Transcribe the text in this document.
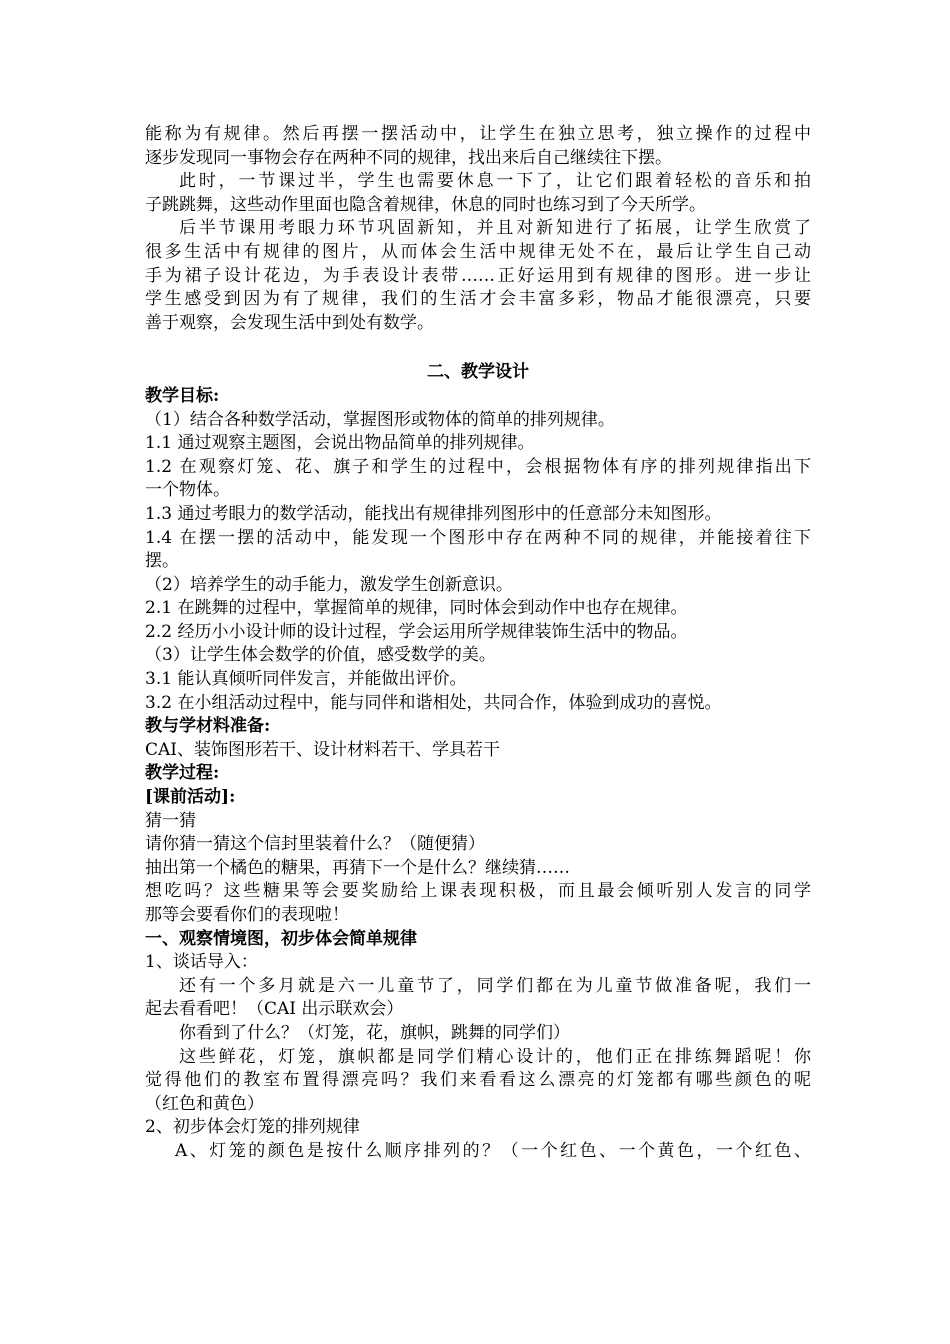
能称为有规律。然后再摆一摆活动中，让学生在独立思考，独立操作的过程中
逐步发现同一事物会存在两种不同的规律，找出来后自己继续往下摆。
此时，一节课过半，学生也需要休息一下了，让它们跟着轻松的音乐和拍
子跳跳舞，这些动作里面也隐含着规律，休息的同时也练习到了今天所学。
后半节课用考眼力环节巩固新知，并且对新知进行了拓展，让学生欣赏了
很多生活中有规律的图片，从而体会生活中规律无处不在，最后让学生自己动
手为裙子设计花边，为手表设计表带……正好运用到有规律的图形。进一步让
学生感受到因为有了规律，我们的生活才会丰富多彩，物品才能很漂亮，只要
善于观察，会发现生活中到处有数学。
二、教学设计
教学目标:
（1）结合各种数学活动，掌握图形或物体的简单的排列规律。
1.1 通过观察主题图，会说出物品简单的排列规律。
1.2 在观察灯笼、花、旗子和学生的过程中，会根据物体有序的排列规律指出下
一个物体。
1.3 通过考眼力的数学活动，能找出有规律排列图形中的任意部分未知图形。
1.4 在摆一摆的活动中，能发现一个图形中存在两种不同的规律，并能接着往下
摆。
（2）培养学生的动手能力，激发学生创新意识。
2.1 在跳舞的过程中，掌握简单的规律，同时体会到动作中也存在规律。
2.2 经历小小设计师的设计过程，学会运用所学规律装饰生活中的物品。
（3）让学生体会数学的价值，感受数学的美。
3.1 能认真倾听同伴发言，并能做出评价。
3.2 在小组活动过程中，能与同伴和谐相处，共同合作，体验到成功的喜悦。
教与学材料准备:
CAI、装饰图形若干、设计材料若干、学具若干
教学过程:
[课前活动]:
猜一猜
请你猜一猜这个信封里装着什么？（随便猜）
抽出第一个橘色的糖果，再猜下一个是什么？继续猜……
想吃吗？这些糖果等会要奖励给上课表现积极，而且最会倾听别人发言的同学
那等会要看你们的表现啦！
一、观察情境图，初步体会简单规律
1、谈话导入：
还有一个多月就是六一儿童节了，同学们都在为儿童节做准备呢，我们一
起去看看吧！（CAI 出示联欢会）
你看到了什么？（灯笼，花，旗帜，跳舞的同学们）
这些鲜花，灯笼，旗帜都是同学们精心设计的，他们正在排练舞蹈呢！你
觉得他们的教室布置得漂亮吗？我们来看看这么漂亮的灯笼都有哪些颜色的呢
（红色和黄色）
2、初步体会灯笼的排列规律
A、灯笼的颜色是按什么顺序排列的？（一个红色、一个黄色，一个红色、
